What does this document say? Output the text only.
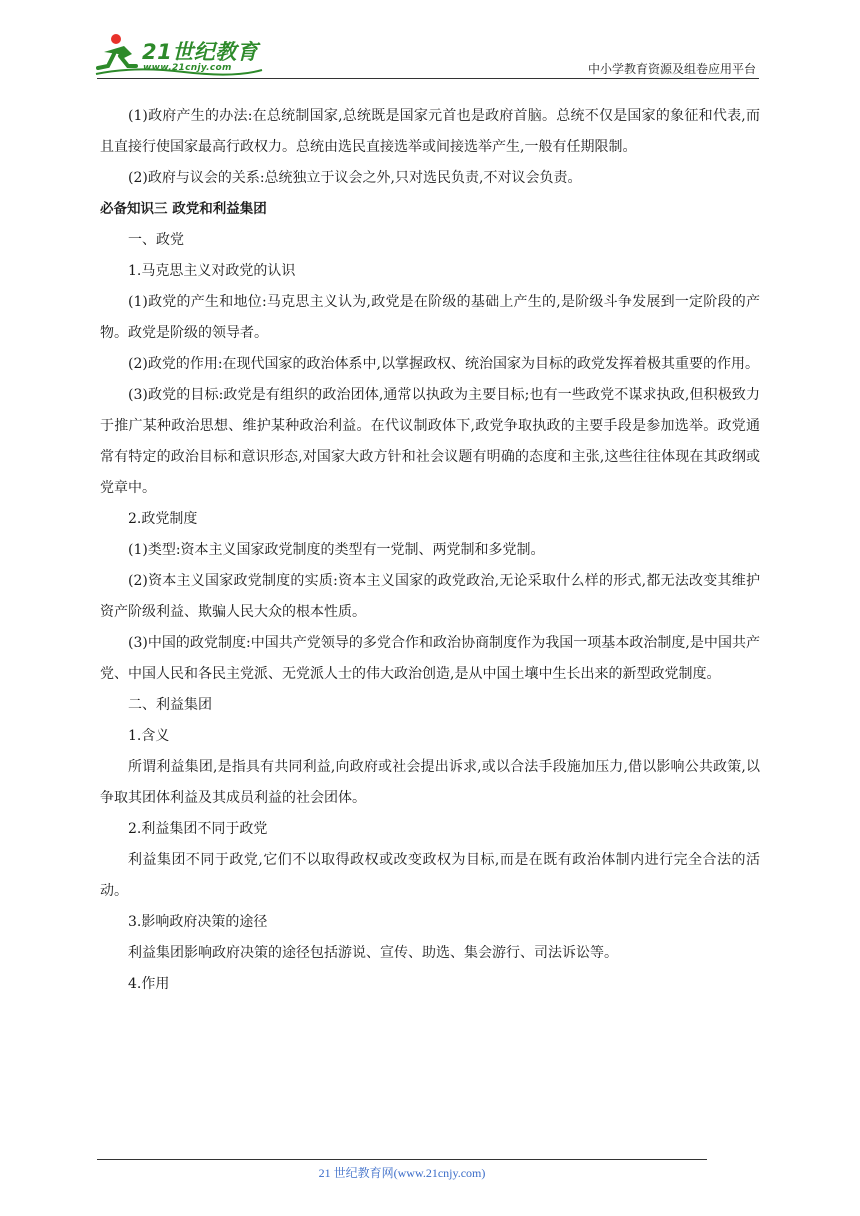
21世纪教育
www.21cnjy.com	中小学教育资源及组卷应用平台

(1)政府产生的办法:在总统制国家,总统既是国家元首也是政府首脑。总统不仅是国家的象征和代表,而且直接行使国家最高行政权力。总统由选民直接选举或间接选举产生,一般有任期限制。

(2)政府与议会的关系:总统独立于议会之外,只对选民负责,不对议会负责。

必备知识三 政党和利益集团

一、政党

1.马克思主义对政党的认识

(1)政党的产生和地位:马克思主义认为,政党是在阶级的基础上产生的,是阶级斗争发展到一定阶段的产物。政党是阶级的领导者。

(2)政党的作用:在现代国家的政治体系中,以掌握政权、统治国家为目标的政党发挥着极其重要的作用。

(3)政党的目标:政党是有组织的政治团体,通常以执政为主要目标;也有一些政党不谋求执政,但积极致力于推广某种政治思想、维护某种政治利益。在代议制政体下,政党争取执政的主要手段是参加选举。政党通常有特定的政治目标和意识形态,对国家大政方针和社会议题有明确的态度和主张,这些往往体现在其政纲或党章中。

2.政党制度

(1)类型:资本主义国家政党制度的类型有一党制、两党制和多党制。

(2)资本主义国家政党制度的实质:资本主义国家的政党政治,无论采取什么样的形式,都无法改变其维护资产阶级利益、欺骗人民大众的根本性质。

(3)中国的政党制度:中国共产党领导的多党合作和政治协商制度作为我国一项基本政治制度,是中国共产党、中国人民和各民主党派、无党派人士的伟大政治创造,是从中国土壤中生长出来的新型政党制度。

二、利益集团

1.含义

所谓利益集团,是指具有共同利益,向政府或社会提出诉求,或以合法手段施加压力,借以影响公共政策,以争取其团体利益及其成员利益的社会团体。

2.利益集团不同于政党

利益集团不同于政党,它们不以取得政权或改变政权为目标,而是在既有政治体制内进行完全合法的活动。

3.影响政府决策的途径

利益集团影响政府决策的途径包括游说、宣传、助选、集会游行、司法诉讼等。

4.作用

21 世纪教育网(www.21cnjy.com)
